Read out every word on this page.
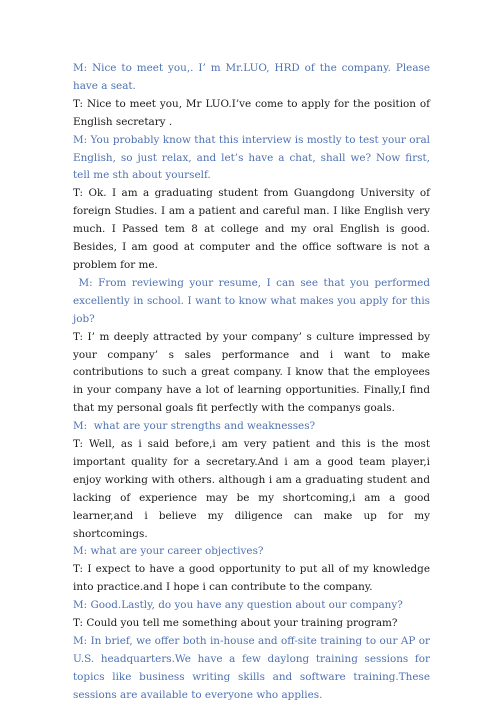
M: Nice to meet you,. I’ m Mr.LUO, HRD of the company. Please have a seat.
T: Nice to meet you, Mr LUO.I’ve come to apply for the position of English secretary .
M: You probably know that this interview is mostly to test your oral English, so just relax, and let’s have a chat, shall we? Now first, tell me sth about yourself.
T: Ok. I am a graduating student from Guangdong University of foreign Studies. I am a patient and careful man. I like English very much. I Passed tem 8 at college and my oral English is good. Besides, I am good at computer and the office software is not a problem for me.
M: From reviewing your resume, I can see that you performed excellently in school. I want to know what makes you apply for this job?
T: I’ m deeply attracted by your company’ s culture impressed by your company’ s sales performance and i want to make contributions to such a great company. I know that the employees in your company have a lot of learning opportunities. Finally,I find that my personal goals fit perfectly with the companys goals.
M:  what are your strengths and weaknesses?
T: Well, as i said before,i am very patient and this is the most important quality for a secretary.And i am a good team player,i enjoy working with others. although i am a graduating student and lacking of experience may be my shortcoming,i am a good learner,and i believe my diligence can make up for my shortcomings.
M: what are your career objectives?
T: I expect to have a good opportunity to put all of my knowledge into practice.and I hope i can contribute to the company.
M: Good.Lastly, do you have any question about our company?
T: Could you tell me something about your training program?
M: In brief, we offer both in-house and off-site training to our AP or U.S. headquarters.We have a few daylong training sessions for topics like business writing skills and software training.These sessions are available to everyone who applies.
